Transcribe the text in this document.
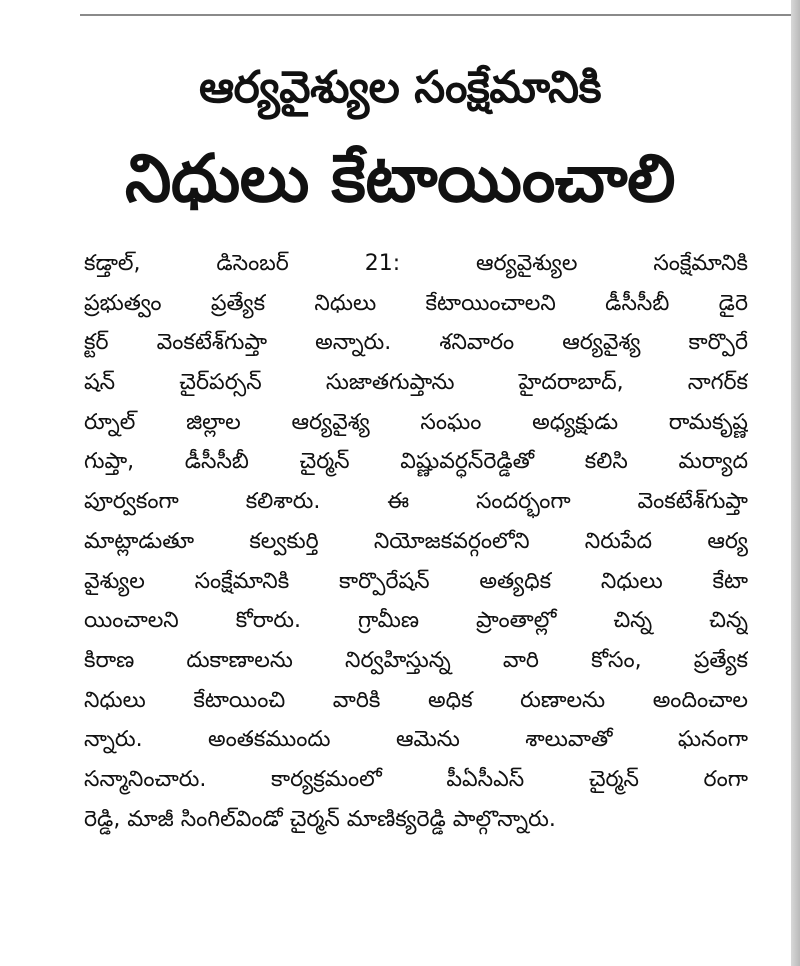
ఆర్యవైశ్యుల సంక్షేమానికి
నిధులు కేటాయించాలి
కడ్తాల్, డిసెంబర్ 21: ఆర్యవైశ్యుల సంక్షేమానికి
ప్రభుత్వం ప్రత్యేక నిధులు కేటాయించాలని డీసీసీబీ డైరె
క్టర్ వెంకటేశ్‌గుప్తా అన్నారు. శనివారం ఆర్యవైశ్య కార్పొరే
షన్ చైర్‌పర్సన్ సుజాతగుప్తాను హైదరాబాద్, నాగర్‌క
ర్నూల్ జిల్లాల ఆర్యవైశ్య సంఘం అధ్యక్షుడు రామకృష్ణ
గుప్తా, డీసీసీబీ చైర్మన్ విష్ణువర్ధన్‌రెడ్డితో కలిసి మర్యాద
పూర్వకంగా కలిశారు. ఈ సందర్భంగా వెంకటేశ్‌గుప్తా
మాట్లాడుతూ కల్వకుర్తి నియోజకవర్గంలోని నిరుపేద ఆర్య
వైశ్యుల సంక్షేమానికి కార్పొరేషన్ అత్యధిక నిధులు కేటా
యించాలని కోరారు. గ్రామీణ ప్రాంతాల్లో చిన్న చిన్న
కిరాణ దుకాణాలను నిర్వహిస్తున్న వారి కోసం, ప్రత్యేక
నిధులు కేటాయించి వారికి అధిక రుణాలను అందించాల
న్నారు. అంతకముందు ఆమెను శాలువాతో ఘనంగా
సన్మానించారు. కార్యక్రమంలో పీఏసీఎస్ చైర్మన్ రంగా
రెడ్డి, మాజీ సింగిల్‌విండో చైర్మన్ మాణిక్యరెడ్డి పాల్గొన్నారు.
